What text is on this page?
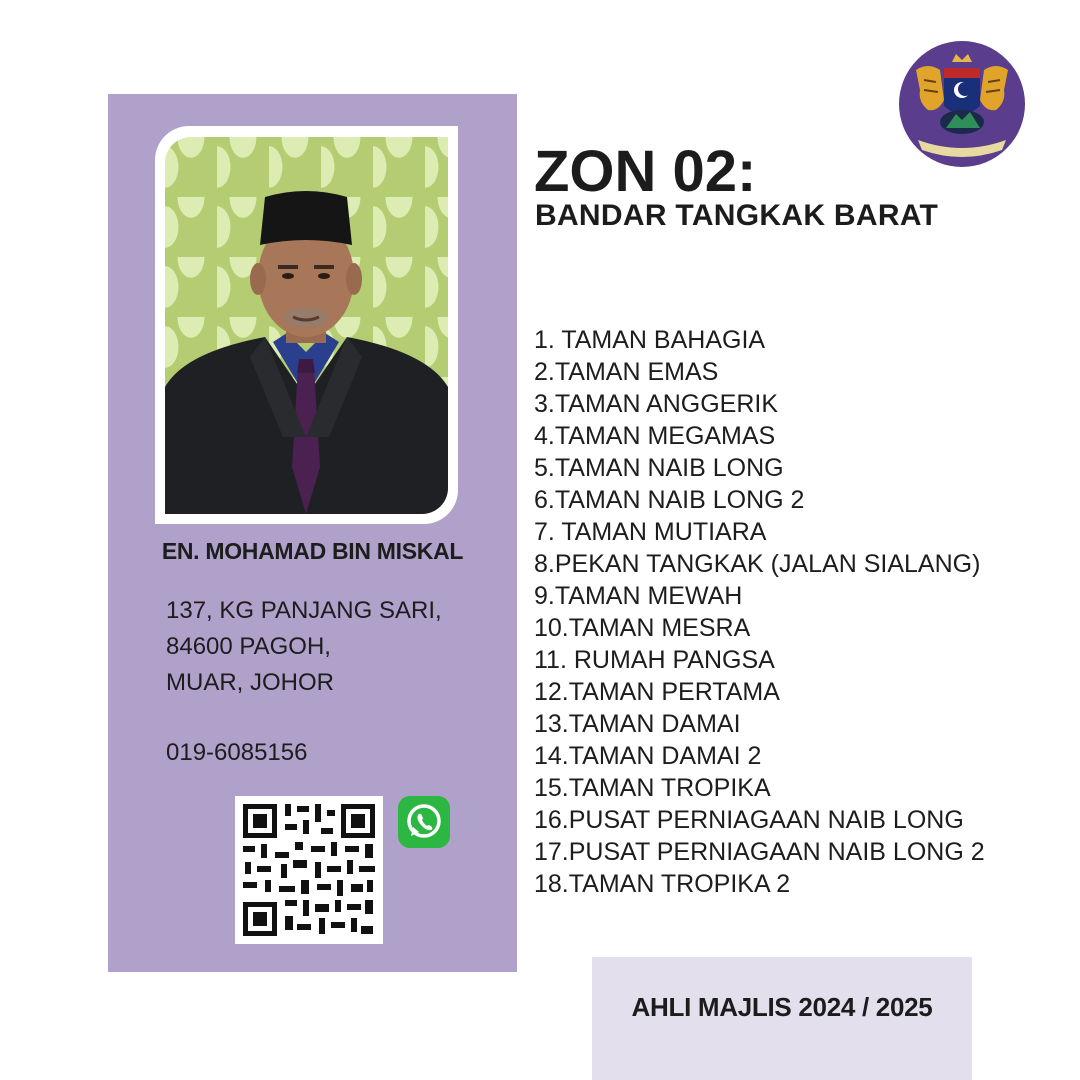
EN. MOHAMAD BIN MISKAL
137, KG PANJANG SARI,
84600 PAGOH,
MUAR, JOHOR
019-6085156
ZON 02:
BANDAR TANGKAK BARAT
1. TAMAN BAHAGIA
2.TAMAN EMAS
3.TAMAN ANGGERIK
4.TAMAN MEGAMAS
5.TAMAN NAIB LONG
6.TAMAN NAIB LONG 2
7. TAMAN MUTIARA
8.PEKAN TANGKAK (JALAN SIALANG)
9.TAMAN MEWAH
10.TAMAN MESRA
11. RUMAH PANGSA
12.TAMAN PERTAMA
13.TAMAN DAMAI
14.TAMAN DAMAI 2
15.TAMAN TROPIKA
16.PUSAT PERNIAGAAN NAIB LONG
17.PUSAT PERNIAGAAN NAIB LONG 2
18.TAMAN TROPIKA 2
AHLI MAJLIS 2024 / 2025
